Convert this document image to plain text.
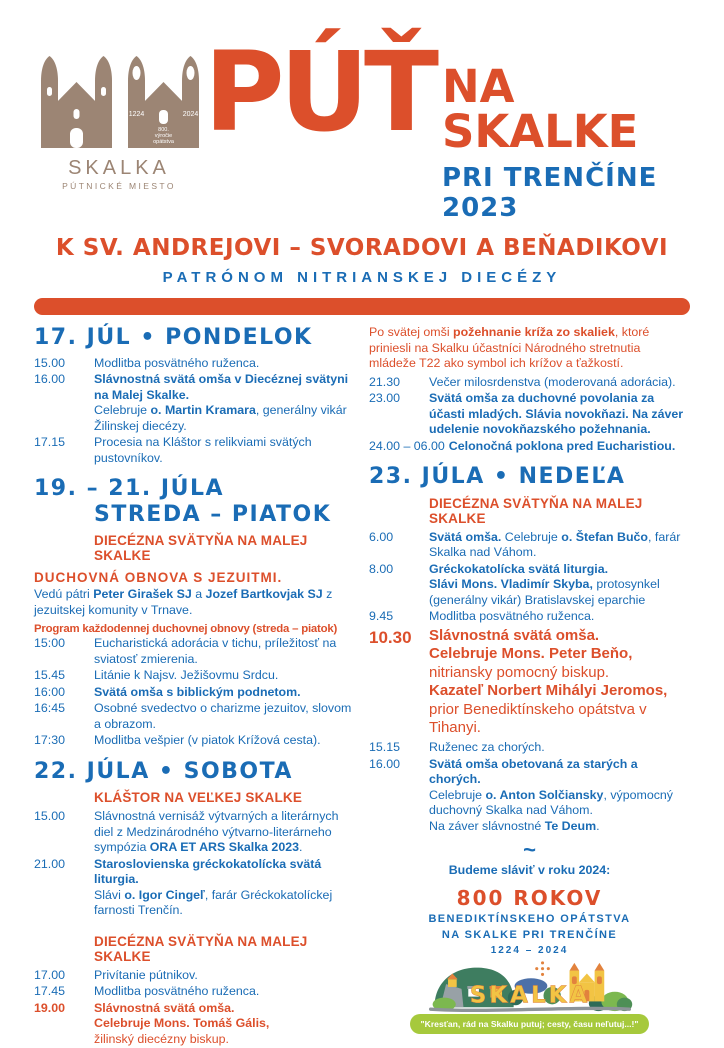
1224	2024
800.
výročie
opátstva
SKALKA
PÚTNICKÉ MIESTO
PÚŤ NA SKALKE
PRI TRENČÍNE 2023
K SV. ANDREJOVI – SVORADOVI A BEŇADIKOVI
PATRÓNOM NITRIANSKEJ DIECÉZY
17. JÚL • PONDELOK
15.00	Modlitba posvätného ruženca.
16.00	Slávnostná svätá omša v Diecéznej svätyni na Malej Skalke.
Celebruje o. Martin Kramara, generálny vikár Žilinskej diecézy.
17.15	Procesia na Kláštor s relikviami svätých pustovníkov.
19. – 21. JÚLA
STREDA – PIATOK
DIECÉZNA SVÄTYŇA NA MALEJ SKALKE
DUCHOVNÁ OBNOVA S JEZUITMI.
Vedú pátri Peter Girašek SJ a Jozef Bartkovjak SJ z jezuitskej komunity v Trnave.
Program každodennej duchovnej obnovy (streda – piatok)
15:00	Eucharistická adorácia v tichu, príležitosť na sviatosť zmierenia.
15.45	Litánie k Najsv. Ježišovmu Srdcu.
16:00	Svätá omša s biblickým podnetom.
16:45	Osobné svedectvo o charizme jezuitov, slovom a obrazom.
17:30	Modlitba vešpier (v piatok Krížová cesta).
22. JÚLA • SOBOTA
KLÁŠTOR NA VEĽKEJ SKALKE
15.00	Slávnostná vernisáž výtvarných a literárnych diel z Medzinárodného výtvarno-literárneho sympózia ORA ET ARS Skalka 2023.
21.00	Staroslovienska gréckokatolícka svätá liturgia.
Slávi o. Igor Cingeľ, farár Gréckokatolíckej farnosti Trenčín.
DIECÉZNA SVÄTYŇA NA MALEJ SKALKE
17.00	Privítanie pútnikov.
17.45	Modlitba posvätného ruženca.
19.00	Slávnostná svätá omša.
Celebruje Mons. Tomáš Gális,
žilinský diecézny biskup.
Po svätej omši požehnanie kríža zo skaliek, ktoré priniesli na Skalku účastníci Národného stretnutia mládeže T22 ako symbol ich krížov a ťažkostí.
21.30	Večer milosrdenstva (moderovaná adorácia).
23.00	Svätá omša za duchovné povolania za účasti mladých. Slávia novokňazi. Na záver udelenie novokňazského požehnania.
24.00 – 06.00 Celonočná poklona pred Eucharistiou.
23. JÚLA • NEDEĽA
DIECÉZNA SVÄTYŇA NA MALEJ SKALKE
6.00	Svätá omša. Celebruje o. Štefan Bučo, farár Skalka nad Váhom.
8.00	Gréckokatolícka svätá liturgia.
Slávi Mons. Vladimír Skyba, protosynkel (generálny vikár) Bratislavskej eparchie
9.45	Modlitba posvätného ruženca.
10.30	Slávnostná svätá omša.
Celebruje Mons. Peter Beňo,
nitriansky pomocný biskup.
Kazateľ Norbert Mihályi Jeromos,
prior Benediktínskeho opátstva v Tihanyi.
15.15	Ruženec za chorých.
16.00	Svätá omša obetovaná za starých a chorých.
Celebruje o. Anton Solčiansky, výpomocný duchovný Skalka nad Váhom.
Na záver slávnostné Te Deum.
~
Budeme sláviť v roku 2024:
800 ROKOV
BENEDIKTÍNSKEHO OPÁTSTVA
NA SKALKE PRI TRENČÍNE
1224 – 2024
SKALKA
"Kresťan, rád na Skalku putuj; cesty, času neľutuj...!"
